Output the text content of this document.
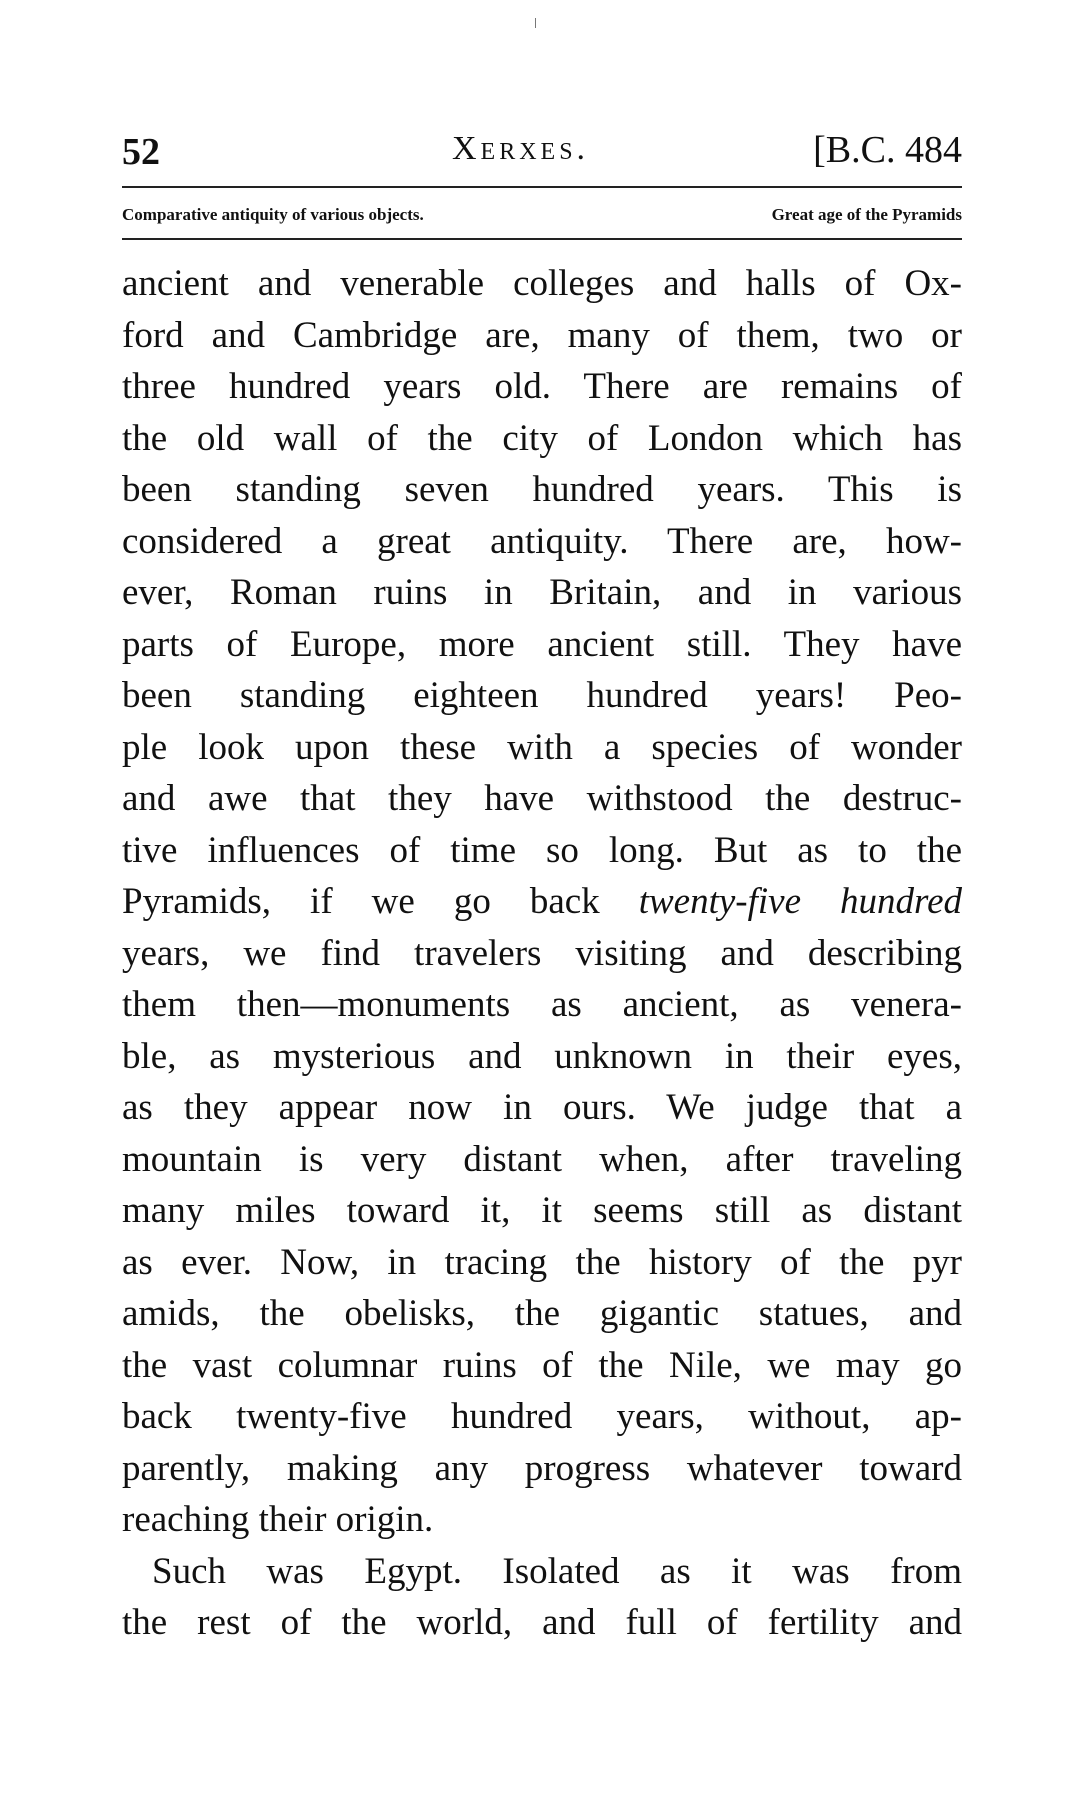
52	Xerxes.	[B.C. 484
Comparative antiquity of various objects.	Great age of the Pyramids
ancient and venerable colleges and halls of Ox-
ford and Cambridge are, many of them, two or
three hundred years old. There are remains of
the old wall of the city of London which has
been standing seven hundred years. This is
considered a great antiquity. There are, how-
ever, Roman ruins in Britain, and in various
parts of Europe, more ancient still. They have
been standing eighteen hundred years! Peo-
ple look upon these with a species of wonder
and awe that they have withstood the destruc-
tive influences of time so long. But as to the
Pyramids, if we go back twenty-five hundred
years, we find travelers visiting and describing
them then—monuments as ancient, as venera-
ble, as mysterious and unknown in their eyes,
as they appear now in ours. We judge that a
mountain is very distant when, after traveling
many miles toward it, it seems still as distant
as ever. Now, in tracing the history of the pyr
amids, the obelisks, the gigantic statues, and
the vast columnar ruins of the Nile, we may go
back twenty-five hundred years, without, ap-
parently, making any progress whatever toward
reaching their origin.
Such was Egypt. Isolated as it was from
the rest of the world, and full of fertility and
